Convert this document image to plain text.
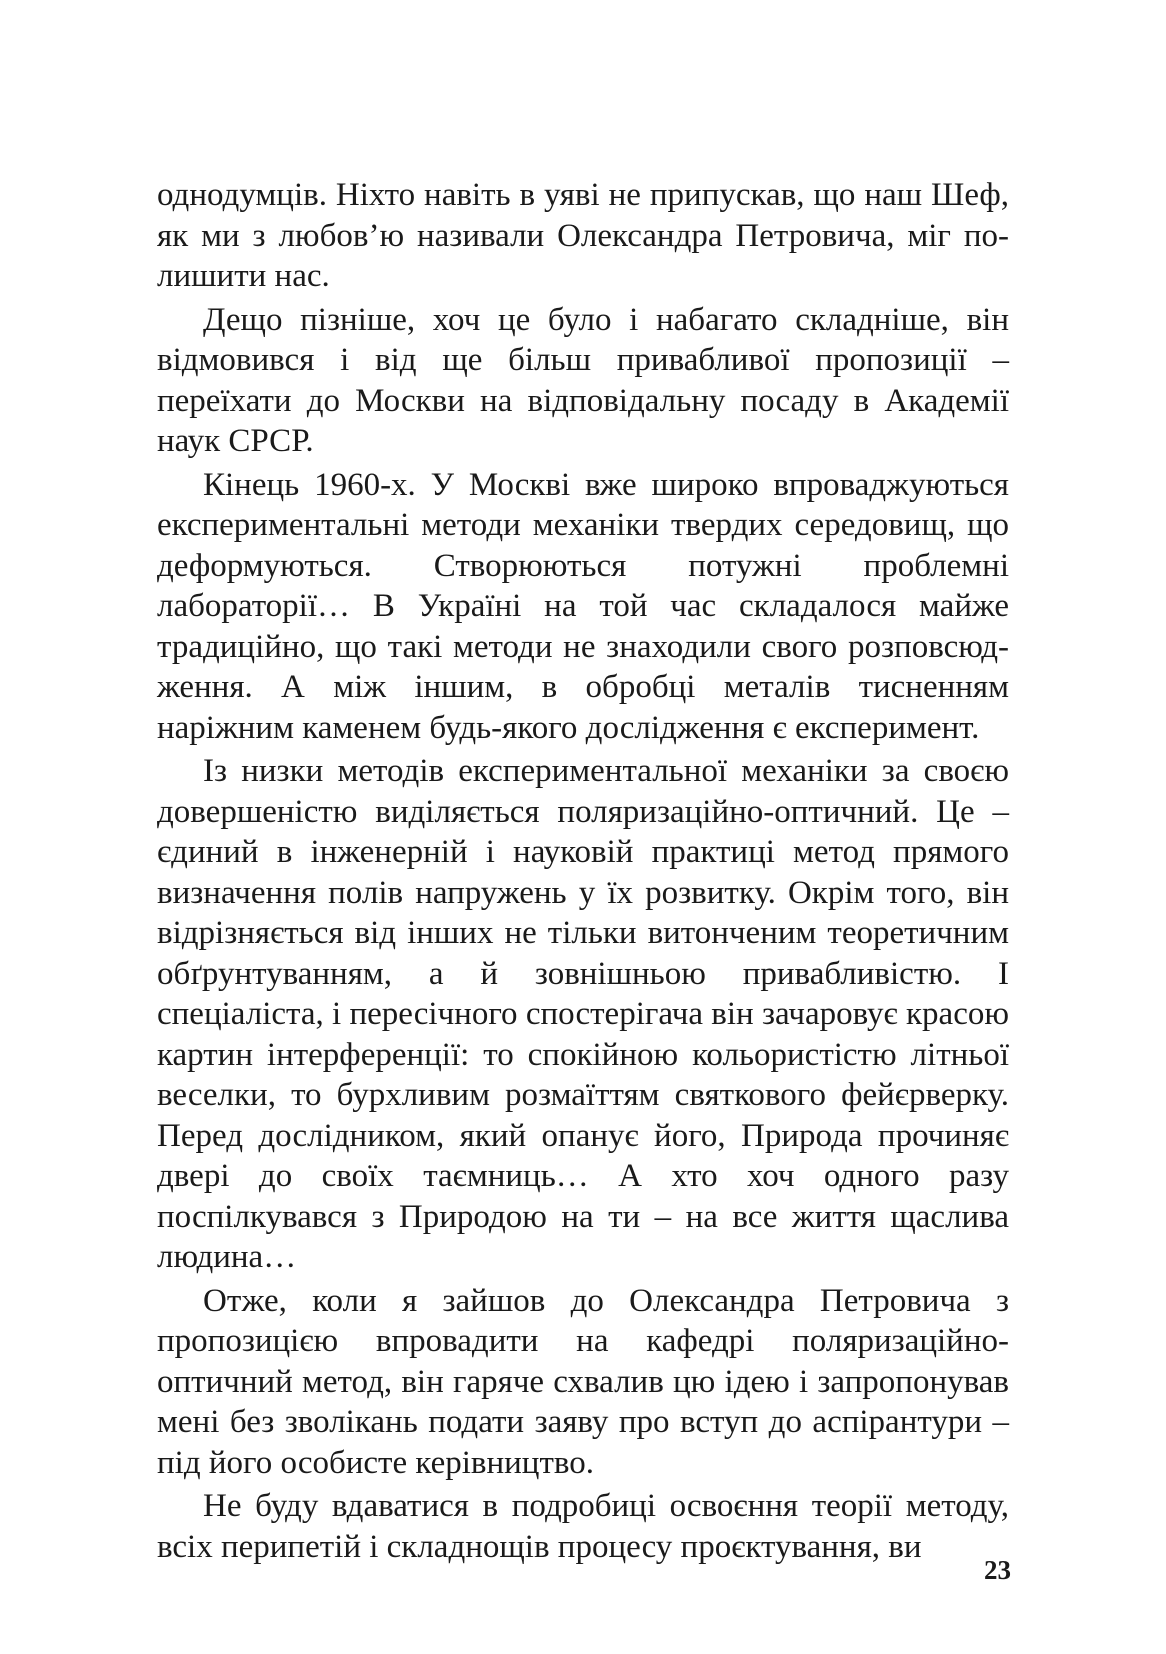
однодумців. Ніхто навіть в уяві не припускав, що наш Шеф, як ми з любов’ю називали Олександра Петровича, міг полишити нас.

Дещо пізніше, хоч це було і набагато складніше, він відмовився і від ще більш привабливої пропозиції – переїхати до Москви на відповідальну посаду в Академії наук СРСР.

Кінець 1960-х. У Москві вже широко впроваджуються експериментальні методи механіки твердих середовищ, що деформуються. Створюються потужні проблемні лабораторії… В Україні на той час складалося майже традиційно, що такі методи не знаходили свого розповсюдження. А між іншим, в обробці металів тисненням наріжним каменем будь-якого дослідження є експеримент.

Із низки методів експериментальної механіки за своєю довершеністю виділяється поляризаційно-оптичний. Це – єдиний в інженерній і науковій практиці метод прямого визначення полів напружень у їх розвитку. Окрім того, він відрізняється від інших не тільки витонченим теоретичним обґрунтуванням, а й зовнішньою привабливістю. І спеціаліста, і пересічного спостерігача він зачаровує красою картин інтерференції: то спокійною кольористістю літньої веселки, то бурхливим розмаїттям святкового фейєрверку. Перед дослідником, який опанує його, Природа прочиняє двері до своїх таємниць… А хто хоч одного разу поспілкувався з Природою на ти – на все життя щаслива людина…

Отже, коли я зайшов до Олександра Петровича з пропозицією впровадити на кафедрі поляризаційно-оптичний метод, він гаряче схвалив цю ідею і запропонував мені без зволікань подати заяву про вступ до аспірантури – під його особисте керівництво.

Не буду вдаватися в подробиці освоєння теорії методу, всіх перипетій і складнощів процесу проєктування, ви

23
